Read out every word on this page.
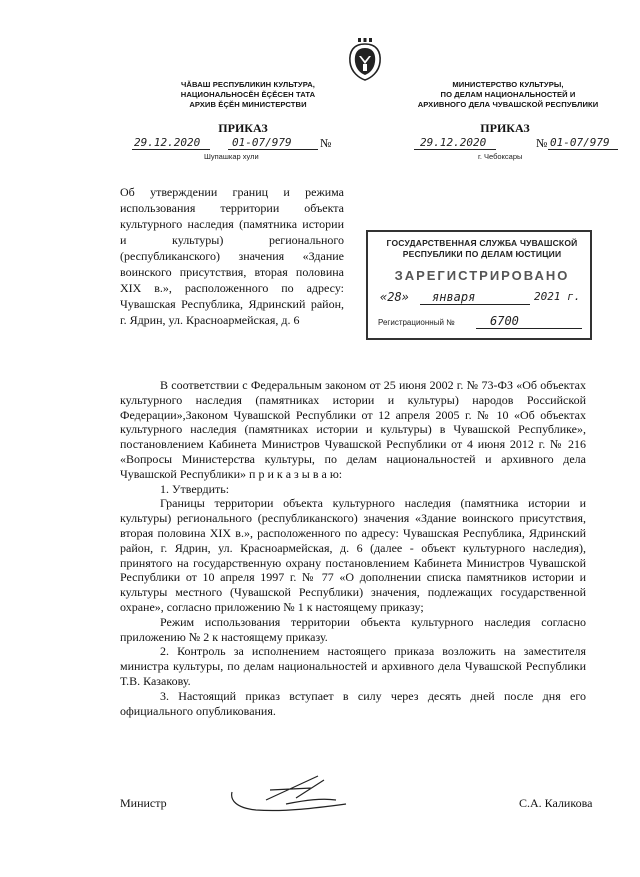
ЧĂВАШ РЕСПУБЛИКИН КУЛЬТУРА,
НАЦИОНАЛЬНОСĔН ĔÇĔСЕН ТАТА
АРХИВ ĔÇĔН МИНИСТЕРСТВИ
МИНИСТЕРСТВО КУЛЬТУРЫ,
ПО ДЕЛАМ НАЦИОНАЛЬНОСТЕЙ И
АРХИВНОГО ДЕЛА ЧУВАШСКОЙ РЕСПУБЛИКИ
ПРИКАЗ	ПРИКАЗ
29.12.2020	01-07/979 №
Шупашкар хули
29.12.2020	№ 01-07/979
г. Чебоксары
Об утверждении границ и режима использования территории объекта культурного наследия (памятника истории и культуры) регионального (республиканского) значения «Здание воинского присутствия, вторая половина XIX в.», расположенного по адресу: Чувашская Республика, Ядринский район, г. Ядрин, ул. Красноармейская, д. 6
ГОСУДАРСТВЕННАЯ СЛУЖБА ЧУВАШСКОЙ
РЕСПУБЛИКИ ПО ДЕЛАМ ЮСТИЦИИ
ЗАРЕГИСТРИРОВАНО
«28» января	2021 г.
Регистрационный №	6700

В соответствии с Федеральным законом от 25 июня 2002 г. № 73-ФЗ «Об объектах культурного наследия (памятниках истории и культуры) народов Российской Федерации»,Законом Чувашской Республики от 12 апреля 2005 г. № 10 «Об объектах культурного наследия (памятниках истории и культуры) в Чувашской Республике», постановлением Кабинета Министров Чувашской Республики от 4 июня 2012 г. № 216 «Вопросы Министерства культуры, по делам национальностей и архивного дела Чувашской Республики» п р и к а з ы в а ю:

1. Утвердить:

Границы территории объекта культурного наследия (памятника истории и культуры) регионального (республиканского) значения «Здание воинского присутствия, вторая половина XIX в.», расположенного по адресу: Чувашская Республика, Ядринский район, г. Ядрин, ул. Красноармейская, д. 6 (далее - объект культурного наследия), принятого на государственную охрану постановлением Кабинета Министров Чувашской Республики от 10 апреля 1997 г. № 77 «О дополнении списка памятников истории и культуры местного (Чувашской Республики) значения, подлежащих государственной охране», согласно приложению № 1 к настоящему приказу;

Режим использования территории объекта культурного наследия согласно приложению № 2 к настоящему приказу.

2. Контроль за исполнением настоящего приказа возложить на заместителя министра культуры, по делам национальностей и архивного дела Чувашской Республики Т.В. Казакову.

3. Настоящий приказ вступает в силу через десять дней после дня его официального опубликования.

Министр	С.А. Каликова
